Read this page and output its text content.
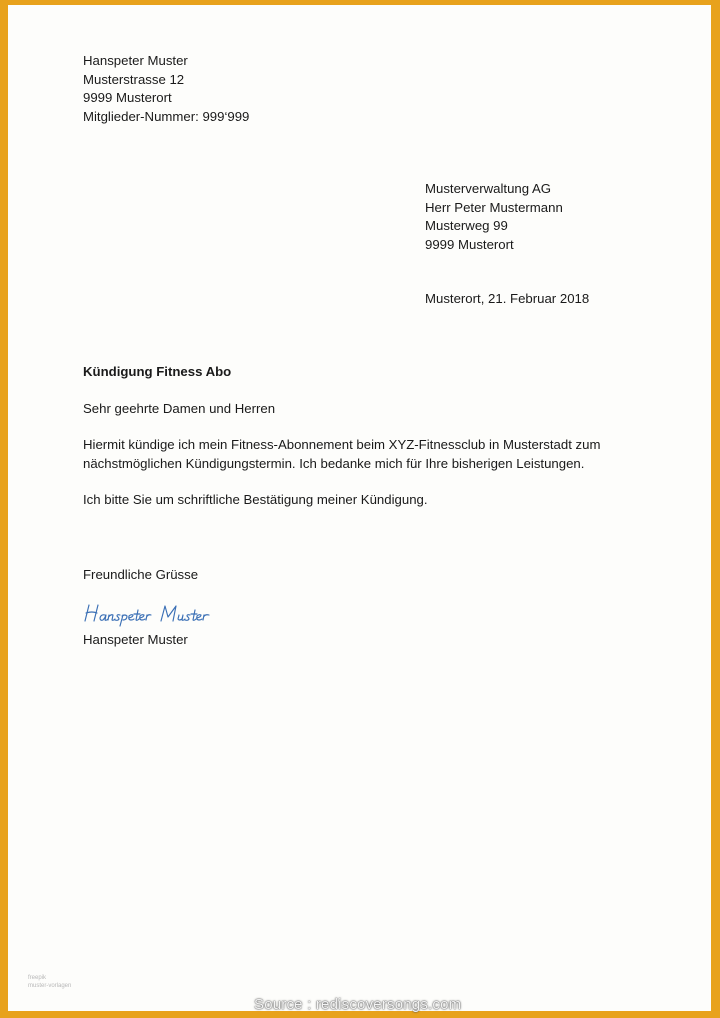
Hanspeter Muster
Musterstrasse 12
9999 Musterort
Mitglieder-Nummer: 999‘999
Musterverwaltung AG
Herr Peter Mustermann
Musterweg 99
9999 Musterort
Musterort, 21. Februar 2018
Kündigung Fitness Abo
Sehr geehrte Damen und Herren
Hiermit kündige ich mein Fitness-Abonnement beim XYZ-Fitnessclub in Musterstadt zum
nächstmöglichen Kündigungstermin. Ich bedanke mich für Ihre bisherigen Leistungen.
Ich bitte Sie um schriftliche Bestätigung meiner Kündigung.
Freundliche Grüsse
Hanspeter Muster
freepik
muster-vorlagen
Source : rediscoversongs.com
